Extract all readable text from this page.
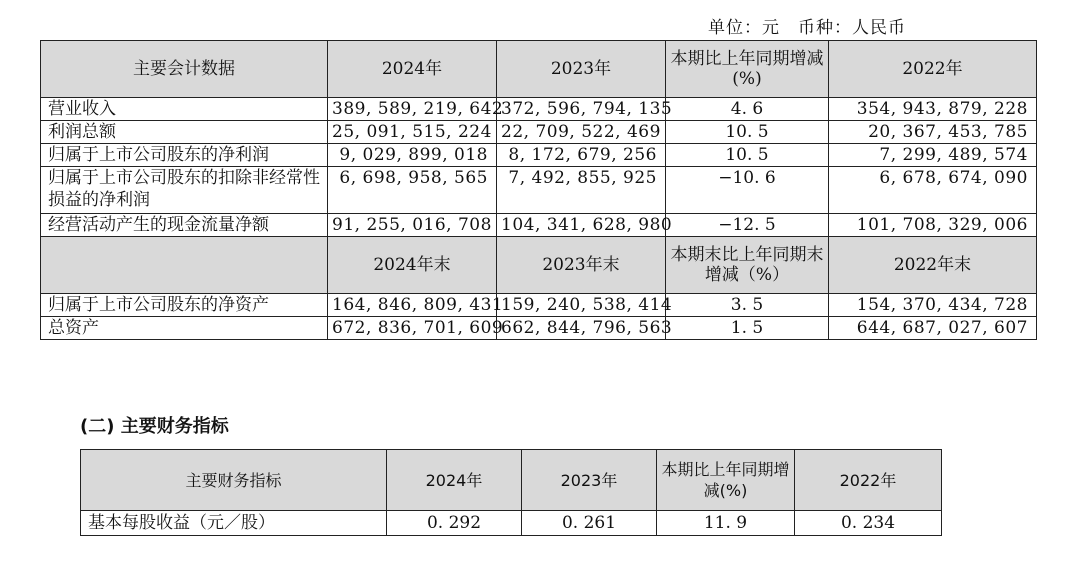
单位：元　币种：人民币
主要会计数据	2024年	2023年	本期比上年同期增减(%)	2022年
营业收入	389, 589, 219, 642	372, 596, 794, 135	4. 6	354, 943, 879, 228
利润总额	25, 091, 515, 224	22, 709, 522, 469	10. 5	20, 367, 453, 785
归属于上市公司股东的净利润	9, 029, 899, 018	8, 172, 679, 256	10. 5	7, 299, 489, 574
归属于上市公司股东的扣除非经常性损益的净利润	6, 698, 958, 565	7, 492, 855, 925	−10. 6	6, 678, 674, 090
经营活动产生的现金流量净额	91, 255, 016, 708	104, 341, 628, 980	−12. 5	101, 708, 329, 006
	2024年末	2023年末	本期末比上年同期末增减（%）	2022年末
归属于上市公司股东的净资产	164, 846, 809, 431	159, 240, 538, 414	3. 5	154, 370, 434, 728
总资产	672, 836, 701, 609	662, 844, 796, 563	1. 5	644, 687, 027, 607
(二) 主要财务指标
主要财务指标	2024年	2023年	本期比上年同期增减(%)	2022年
基本每股收益（元／股）	0. 292	0. 261	11. 9	0. 234
